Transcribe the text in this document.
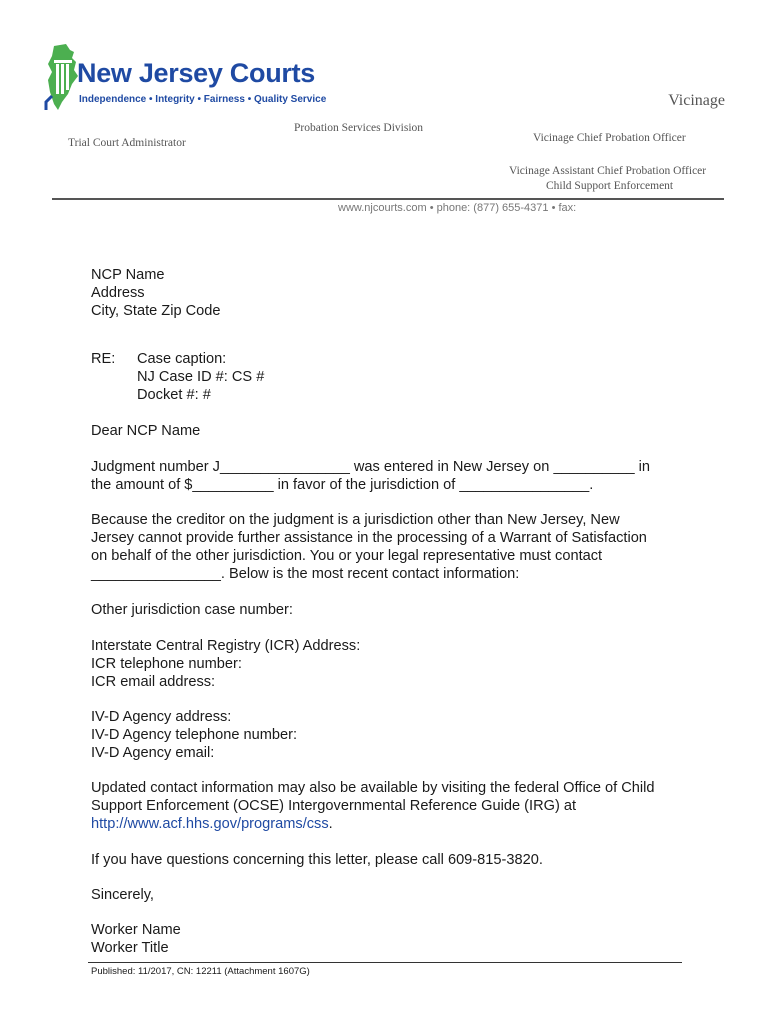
New Jersey Courts
Independence • Integrity • Fairness • Quality Service	Vicinage
Probation Services Division
Trial Court Administrator	Vicinage Chief Probation Officer
Vicinage Assistant Chief Probation Officer
Child Support Enforcement
www.njcourts.com • phone: (877) 655-4371 • fax:
NCP Name
Address
City, State Zip Code
RE: Case caption:
NJ Case ID #: CS #
Docket #: #
Dear NCP Name
Judgment number J________________ was entered in New Jersey on __________ in
the amount of $__________ in favor of the jurisdiction of ________________.
Because the creditor on the judgment is a jurisdiction other than New Jersey, New
Jersey cannot provide further assistance in the processing of a Warrant of Satisfaction
on behalf of the other jurisdiction. You or your legal representative must contact
________________. Below is the most recent contact information:
Other jurisdiction case number:
Interstate Central Registry (ICR) Address:
ICR telephone number:
ICR email address:
IV-D Agency address:
IV-D Agency telephone number:
IV-D Agency email:
Updated contact information may also be available by visiting the federal Office of Child
Support Enforcement (OCSE) Intergovernmental Reference Guide (IRG) at
http://www.acf.hhs.gov/programs/css.
If you have questions concerning this letter, please call 609-815-3820.
Sincerely,
Worker Name
Worker Title
Published: 11/2017, CN: 12211 (Attachment 1607G)
